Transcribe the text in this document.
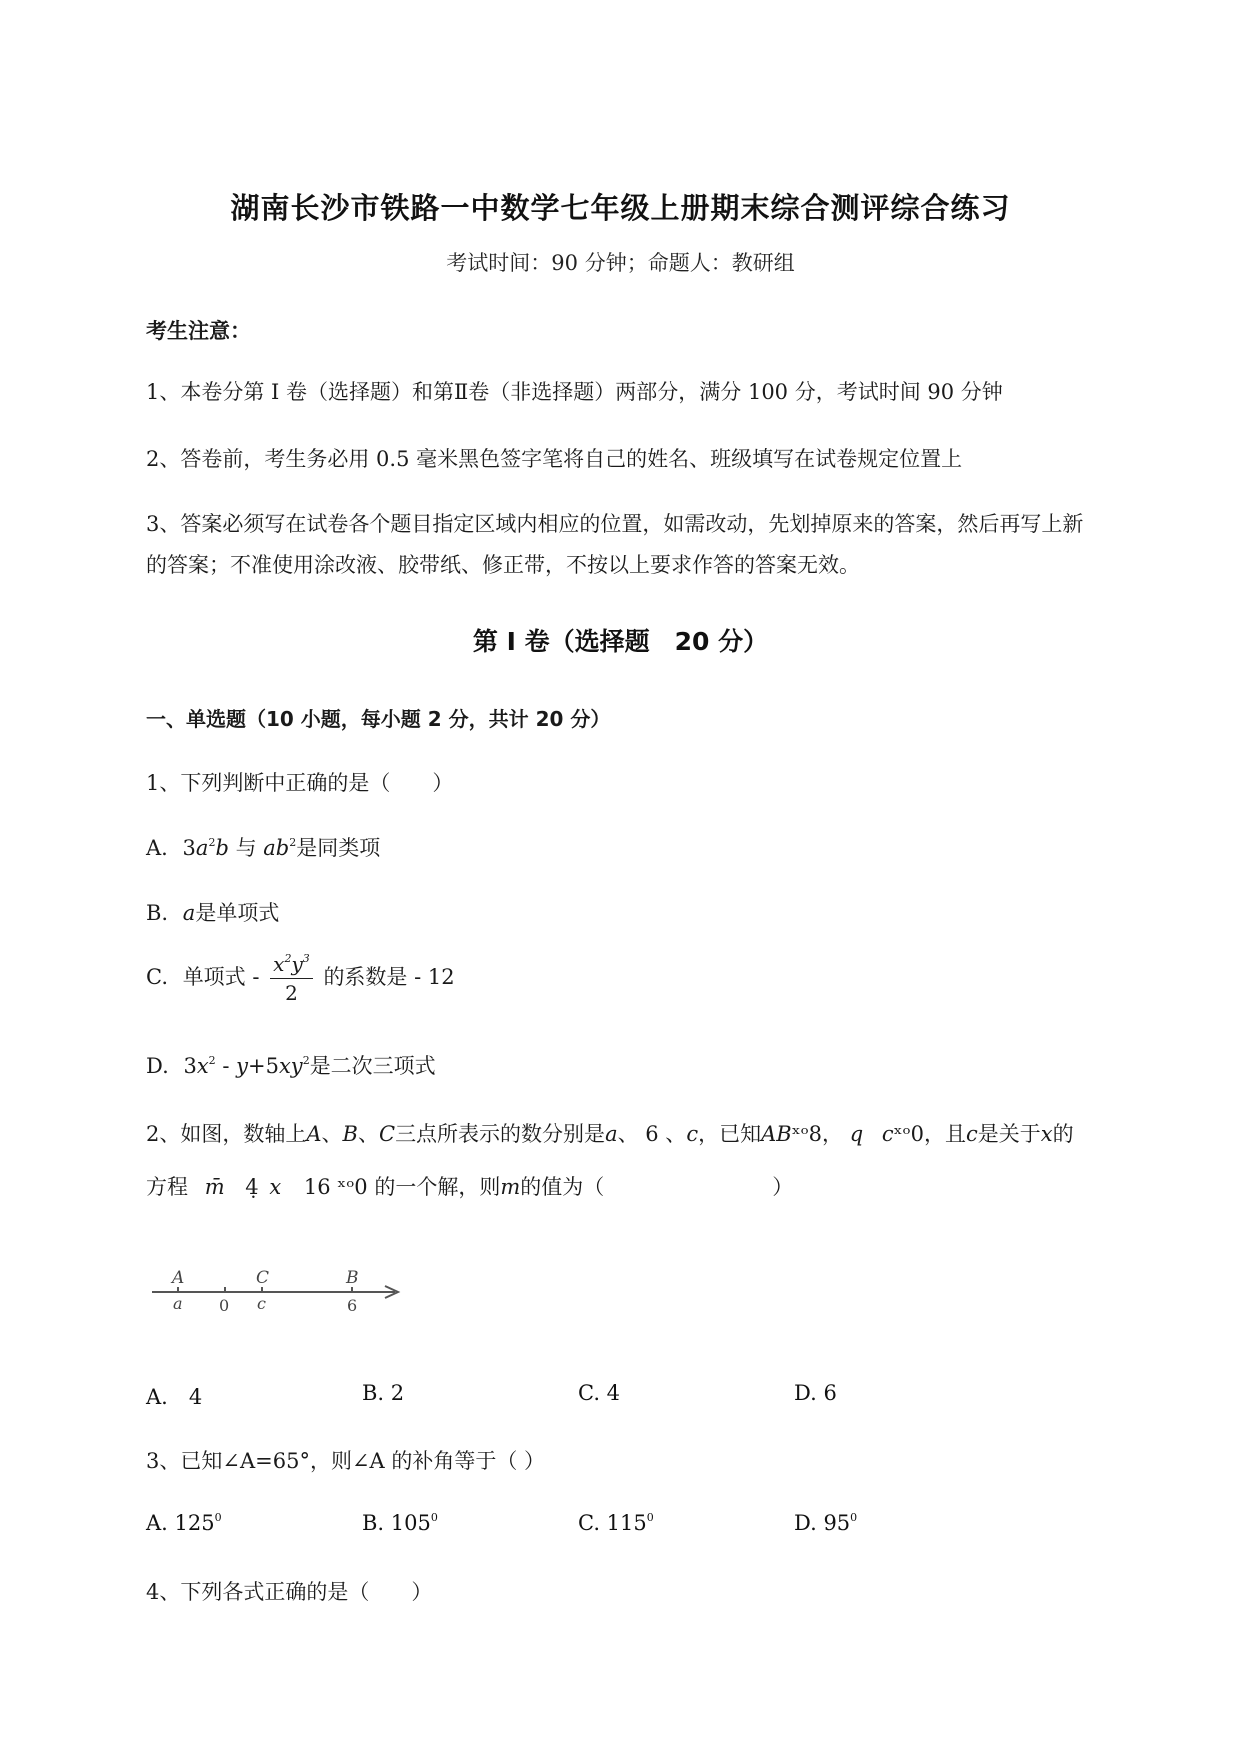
湖南长沙市铁路一中数学七年级上册期末综合测评综合练习
考试时间：90 分钟；命题人：教研组
考生注意：
1、本卷分第 I 卷（选择题）和第Ⅱ卷（非选择题）两部分，满分 100 分，考试时间 90 分钟
2、答卷前，考生务必用 0.5 毫米黑色签字笔将自己的姓名、班级填写在试卷规定位置上
3、答案必须写在试卷各个题目指定区域内相应的位置，如需改动，先划掉原来的答案，然后再写上新
的答案；不准使用涂改液、胶带纸、修正带，不按以上要求作答的答案无效。
第 I 卷（选择题　20 分）
一、单选题（10 小题，每小题 2 分，共计 20 分）
1、下列判断中正确的是（　　）
A. $3a^2b$ 与 $ab^2$是同类项
B. a是单项式
C. 单项式 - $\frac{x^2y^3}{2}$ 的系数是 - 12
D. $3x^2 - y+5xy^2$是二次三项式
2、如图，数轴上A、B、C三点所表示的数分别是a、 6 、c，已知ABˣᵒ8， q cˣᵒ0，且c是关于x的
方程 m̄ 4̣ x 16 ˣᵒ0 的一个解，则m的值为（　　　　　　　　）
A	C	B
a 0 c	6
A.　4	B. 2	C. 4	D. 6
3、已知∠A=65°，则∠A 的补角等于（ ）
A. $125^0$	B. $105^0$	C. $115^0$	D. $95^0$
4、下列各式正确的是（　　）
